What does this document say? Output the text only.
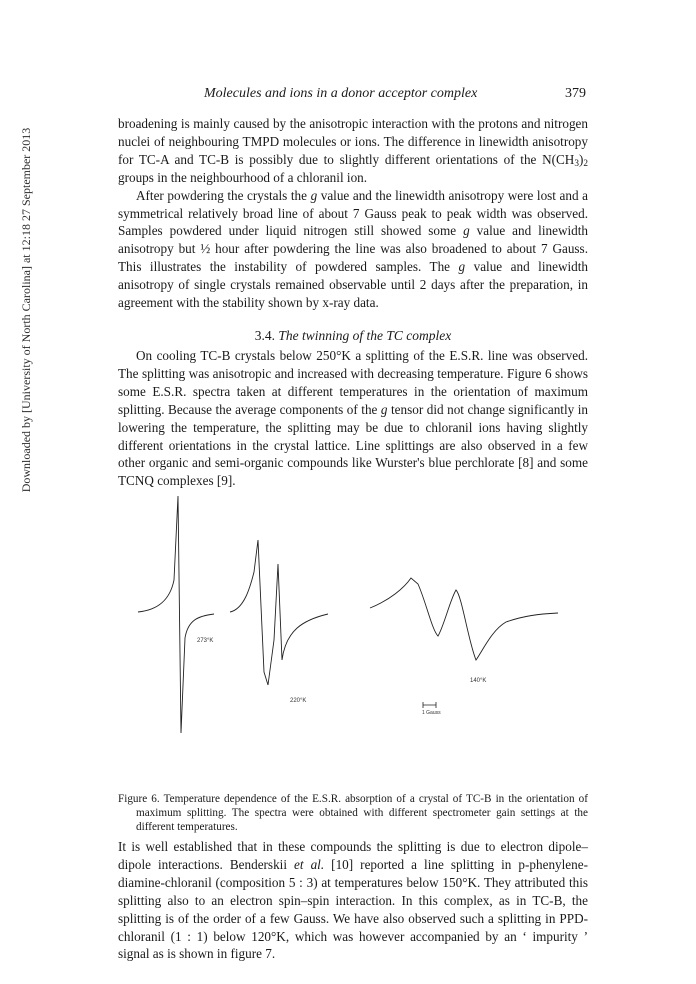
Molecules and ions in a donor acceptor complex	379
Downloaded by [University of North Carolina] at 12:18 27 September 2013

broadening is mainly caused by the anisotropic interaction with the protons and nitrogen nuclei of neighbouring TMPD molecules or ions. The difference in linewidth anisotropy for TC-A and TC-B is possibly due to slightly different orientations of the $N(CH_3)_2$ groups in the neighbourhood of a chloranil ion.

After powdering the crystals the g value and the linewidth anisotropy were lost and a symmetrical relatively broad line of about 7 Gauss peak to peak width was observed. Samples powdered under liquid nitrogen still showed some g value and linewidth anisotropy but ½ hour after powdering the line was also broadened to about 7 Gauss. This illustrates the instability of powdered samples. The g value and linewidth anisotropy of single crystals remained observable until 2 days after the preparation, in agreement with the stability shown by x-ray data.

3.4. The twinning of the TC complex

On cooling TC-B crystals below 250°K a splitting of the E.S.R. line was observed. The splitting was anisotropic and increased with decreasing temperature. Figure 6 shows some E.S.R. spectra taken at different temperatures in the orientation of maximum splitting. Because the average components of the g tensor did not change significantly in lowering the temperature, the splitting may be due to chloranil ions having slightly different orientations in the crystal lattice. Line splittings are also observed in a few other organic and semi-organic compounds like Wurster's blue perchlorate [8] and some TCNQ complexes [9].

273°K
220°K
140°K
1 Gauss

Figure 6. Temperature dependence of the E.S.R. absorption of a crystal of TC-B in the orientation of maximum splitting. The spectra were obtained with different spectrometer gain settings at the different temperatures.

It is well established that in these compounds the splitting is due to electron dipole–dipole interactions. Benderskii et al. [10] reported a line splitting in p-phenylene-diamine-chloranil (composition 5 : 3) at temperatures below 150°K. They attributed this splitting also to an electron spin–spin interaction. In this complex, as in TC-B, the splitting is of the order of a few Gauss. We have also observed such a splitting in PPD-chloranil (1 : 1) below 120°K, which was however accompanied by an ‘ impurity ’ signal as is shown in figure 7.
